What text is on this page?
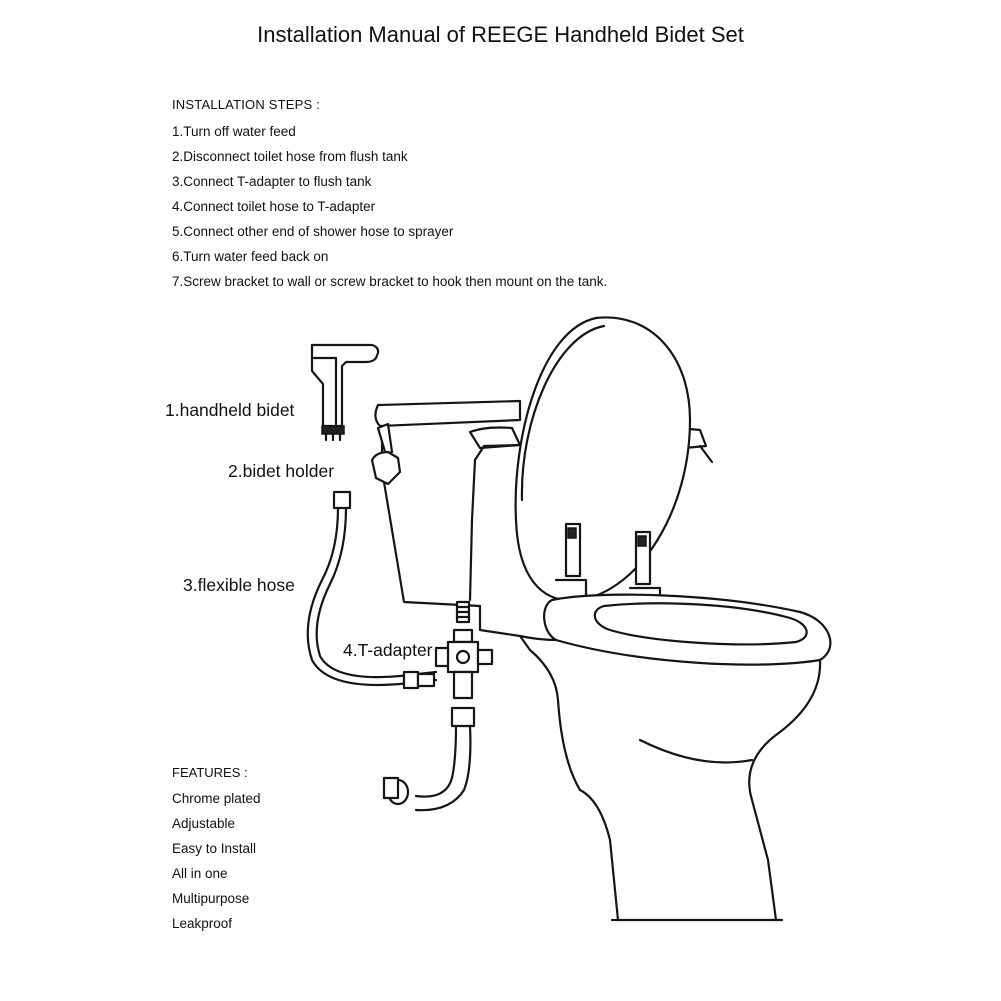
Installation Manual of REEGE Handheld Bidet Set
INSTALLATION STEPS :
1.Turn off water feed
2.Disconnect toilet hose from flush tank
3.Connect T-adapter to flush tank
4.Connect toilet hose to T-adapter
5.Connect other end of shower hose to sprayer
6.Turn water feed back on
7.Screw bracket to wall or screw bracket to hook then mount on the tank.
1.handheld bidet
2.bidet holder
3.flexible hose
4.T-adapter
FEATURES :
Chrome plated
Adjustable
Easy to Install
All in one
Multipurpose
Leakproof
